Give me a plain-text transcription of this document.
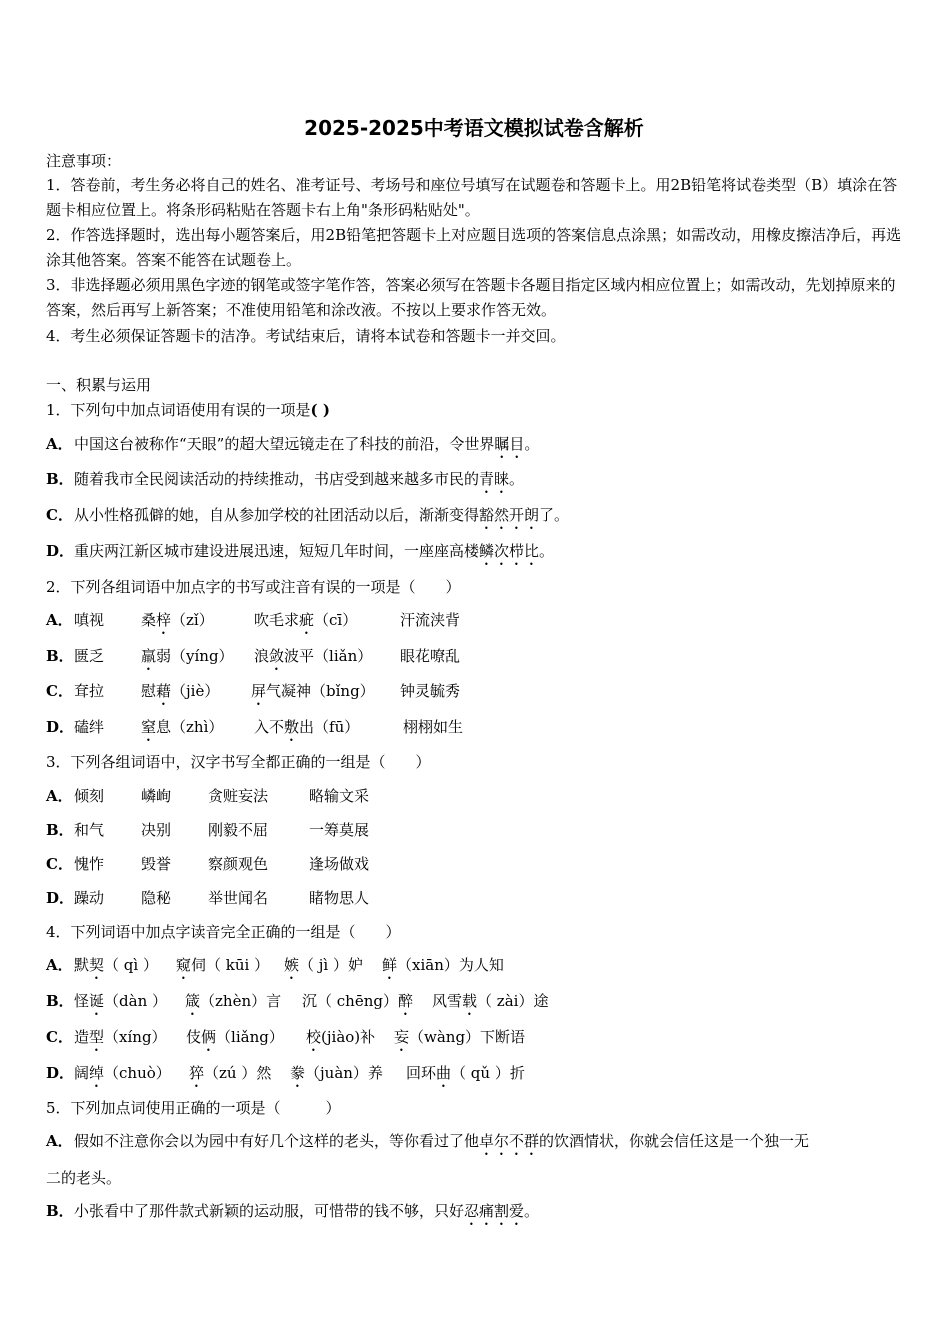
2025-2025中考语文模拟试卷含解析
注意事项：
1．答卷前，考生务必将自己的姓名、准考证号、考场号和座位号填写在试题卷和答题卡上。用2B铅笔将试卷类型（B）填涂在答题卡相应位置上。将条形码粘贴在答题卡右上角"条形码粘贴处"。
2．作答选择题时，选出每小题答案后，用2B铅笔把答题卡上对应题目选项的答案信息点涂黑；如需改动，用橡皮擦洁净后，再选涂其他答案。答案不能答在试题卷上。
3．非选择题必须用黑色字迹的钢笔或签字笔作答，答案必须写在答题卡各题目指定区域内相应位置上；如需改动，先划掉原来的答案，然后再写上新答案；不准使用铅笔和涂改液。不按以上要求作答无效。
4．考生必须保证答题卡的洁净。考试结束后，请将本试卷和答题卡一并交回。
一、积累与运用
1．下列句中加点词语使用有误的一项是( )
A．中国这台被称作“天眼”的超大望远镜走在了科技的前沿，令世界瞩目。
B．随着我市全民阅读活动的持续推动，书店受到越来越多市民的青睐。
C．从小性格孤僻的她，自从参加学校的社团活动以后，渐渐变得豁然开朗了。
D．重庆两江新区城市建设进展迅速，短短几年时间，一座座高楼鳞次栉比。
2．下列各组词语中加点字的书写或注音有误的一项是（　　）
A． 嗔视 桑梓（zǐ）	吹毛求疵（cī）	汗流浃背
B． 匮乏 羸弱（yíng） 浪敛波平（liǎn） 眼花嘹乱
C． 耷拉 慰藉（jiè） 屏气凝神（bǐng） 钟灵毓秀
D． 磕绊 窒息（zhì） 入不敷出（fū）	栩栩如生
3．下列各组词语中，汉字书写全都正确的一组是（　　）
A． 倾刻 嶙峋 贪赃妄法	略输文采
B． 和气 决别 刚毅不屈	一筹莫展
C． 愧怍 毁誉 察颜观色	逢场做戏
D． 躁动 隐秘 举世闻名	睹物思人
4．下列词语中加点字读音完全正确的一组是（　　）
A． 默契（ qì ） 窥伺（ kūi ） 嫉（ jì ）妒 鲜（xiān）为人知
B． 怪诞（dàn ） 箴（zhèn）言 沉（ chēng）醉 风雪载（ zài）途
C． 造型（xíng） 伎俩（liǎng） 校(jiào)补 妄（wàng）下断语
D． 阔绰（chuò） 猝（zú ）然 豢（juàn）养 回环曲（ qǔ ）折
5．下列加点词使用正确的一项是（　　　）
A．假如不注意你会以为园中有好几个这样的老头，等你看过了他卓尔不群的饮酒情状，你就会信任这是一个独一无
二的老头。
B．小张看中了那件款式新颖的运动服，可惜带的钱不够，只好忍痛割爱。
